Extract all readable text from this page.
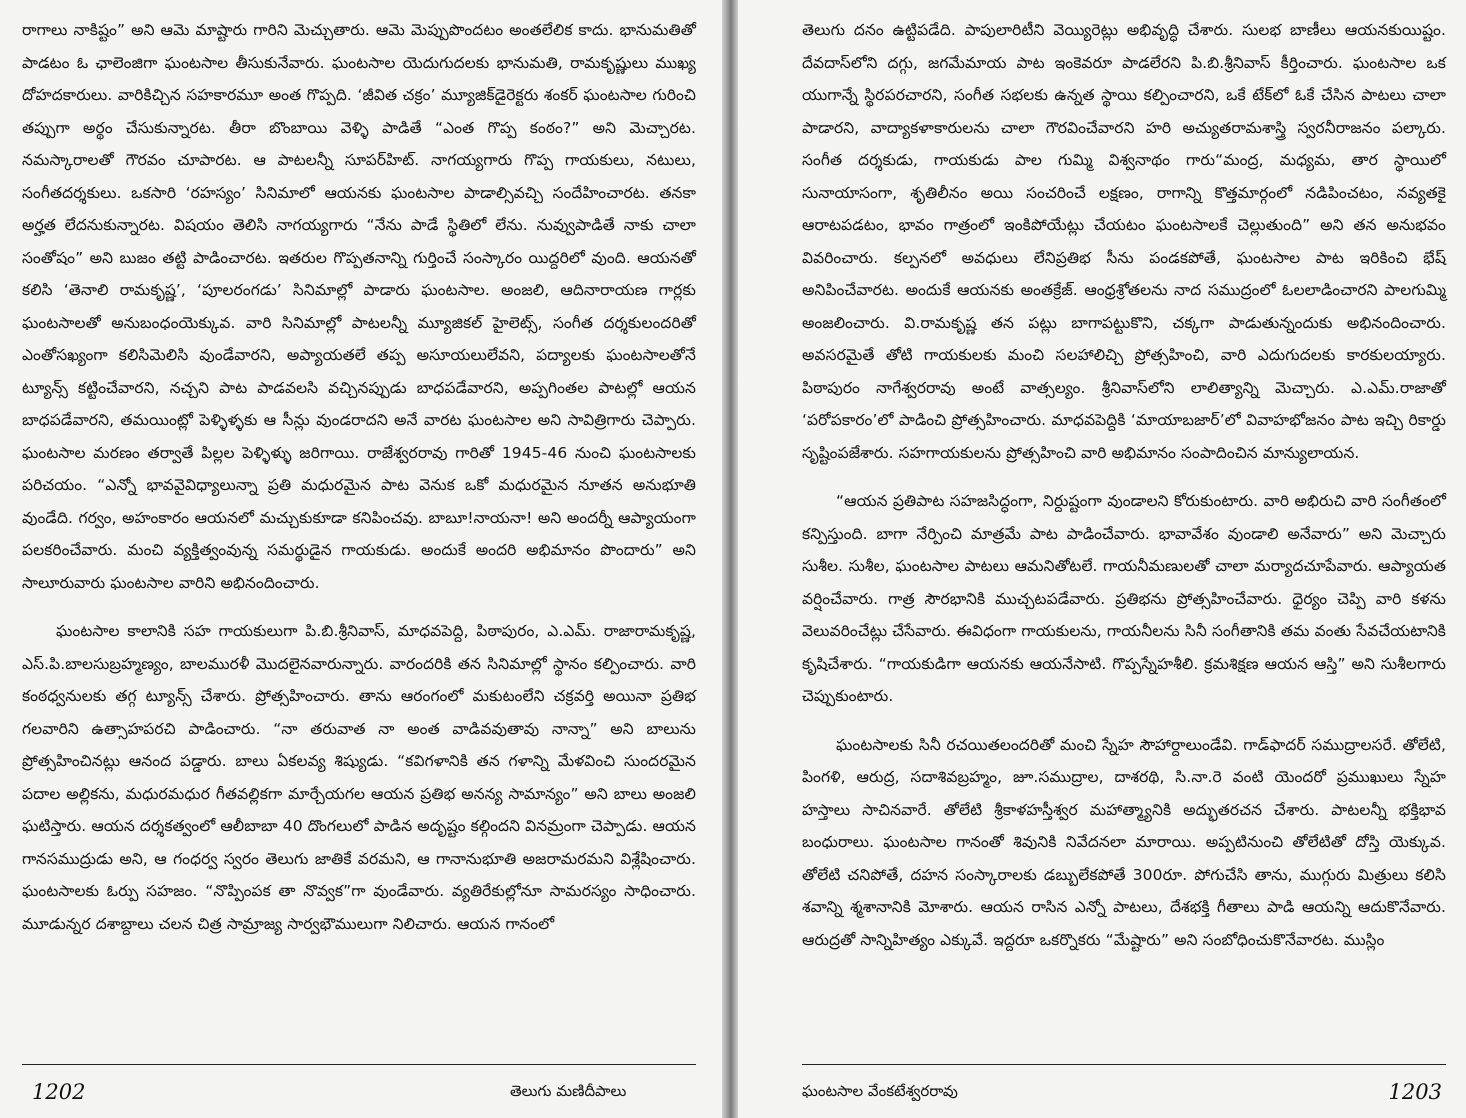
రాగాలు నాకిష్టం” అని ఆమె మాష్టారు గారిని మెచ్చుతారు. ఆమె మెప్పుపొందటం అంతలేలిక కాదు. భానుమతితో పాడటం ఓ ఛాలెంజిగా ఘంటసాల తీసుకునేవారు. ఘంటసాల యెదుగుదలకు భానుమతి, రామకృష్ణులు ముఖ్య దోహదకారులు. వారికిచ్చిన సహకారమూ అంత గొప్పది. ‘జీవిత చక్రం’ మ్యూజిక్‌డైరెక్టరు శంకర్ ఘంటసాల గురించి తప్పుగా అర్థం చేసుకున్నారట. తీరా బొంబాయి వెళ్ళి పాడితే “ఎంత గొప్ప కంఠం?” అని మెచ్చారట. నమస్కారాలతో గౌరవం చూపారట. ఆ పాటలన్నీ సూపర్‌హిట్. నాగయ్యగారు గొప్ప గాయకులు, నటులు, సంగీతదర్శకులు. ఒకసారి ‘రహస్యం’ సినిమాలో ఆయనకు ఘంటసాల పాడాల్సివచ్చి సందేహించారట. తనకా అర్హత లేదనుకున్నారట. విషయం తెలిసి నాగయ్యగారు “నేను పాడే స్థితిలో లేను. నువ్వుపాడితే నాకు చాలా సంతోషం” అని బుజం తట్టి పాడించారట. ఇతరుల గొప్పతనాన్ని గుర్తించే సంస్కారం యిద్దరిలో వుంది. ఆయనతో కలిసి ‘తెనాలి రామకృష్ణ’, ‘పూలరంగడు’ సినిమాల్లో పాడారు ఘంటసాల. అంజలి, ఆదినారాయణ గార్లకు ఘంటసాలతో అనుబంధంయెక్కువ. వారి సినిమాల్లో పాటలన్నీ మ్యూజికల్ హైలెట్స్, సంగీత దర్శకులందరితో ఎంతోసఖ్యంగా కలిసిమెలిసి వుండేవారని, అప్యాయతలే తప్ప అసూయలులేవని, పద్యాలకు ఘంటసాలతోనే ట్యూన్స్ కట్టించేవారని, నచ్చని పాట పాడవలసి వచ్చినప్పుడు బాధపడేవారని, అప్పగింతల పాటల్లో ఆయన బాధపడేవారని, తమయింట్లో పెళ్ళిళ్ళకు ఆ సీన్లు వుండరాదని అనే వారట ఘంటసాల అని సావిత్రిగారు చెప్పారు. ఘంటసాల మరణం తర్వాతే పిల్లల పెళ్ళిళ్ళు జరిగాయి. రాజేశ్వరరావు గారితో 1945-46 నుంచి ఘంటసాలకు పరిచయం. “ఎన్నో భావవైవిధ్యాలున్నా ప్రతి మధురమైన పాట వెనుక ఒకో మధురమైన నూతన అనుభూతి వుండేది. గర్వం, అహంకారం ఆయనలో మచ్చుకుకూడా కనిపించవు. బాబూ!నాయనా! అని అందర్నీ ఆప్యాయంగా పలకరించేవారు. మంచి వ్యక్తిత్వంవున్న సమర్థుడైన గాయకుడు. అందుకే అందరి అభిమానం పొందారు” అని సాలూరువారు ఘంటసాల వారిని అభినందించారు.

ఘంటసాల కాలానికి సహ గాయకులుగా పి.బి.శ్రీనివాస్, మాధవపెద్ది, పిఠాపురం, ఎ.ఎమ్. రాజారామకృష్ణ, ఎస్.పి.బాలసుబ్రహ్మణ్యం, బాలమురళీ మొదలైనవారున్నారు. వారందరికి తన సినిమాల్లో స్థానం కల్పించారు. వారి కంఠధ్వనులకు తగ్గ ట్యూన్స్ చేశారు. ప్రోత్సహించారు. తాను ఆరంగంలో మకుటంలేని చక్రవర్తి అయినా ప్రతిభ గలవారిని ఉత్సాహపరచి పాడించారు. “నా తరువాత నా అంత వాడివవుతావు నాన్నా” అని బాలును ప్రోత్సహించినట్లు ఆనంద పడ్డారు. బాలు ఏకలవ్య శిష్యుడు. “కవిగళానికి తన గళాన్ని మేళవించి సుందరమైన పదాల అల్లికను, మధురమధుర గీతవల్లికగా మార్చేయగల ఆయన ప్రతిభ అనన్య సామాన్యం” అని బాలు అంజలి ఘటిస్తారు. ఆయన దర్శకత్వంలో ఆలీబాబా 40 దొంగలులో పాడిన అదృష్టం కల్గిందని వినమ్రంగా చెప్పాడు. ఆయన గానసముద్రుడు అని, ఆ గంధర్వ స్వరం తెలుగు జాతికే వరమని, ఆ గానానుభూతి అజరామరమని విశ్లేషించారు. ఘంటసాలకు ఓర్పు సహజం. “నొప్పింపక తా నొవ్వక”గా వుండేవారు. వ్యతిరేకుల్లోనూ సామరస్యం సాధించారు. మూడున్నర దశాబ్దాలు చలన చిత్ర సామ్రాజ్య సార్వభౌములుగా నిలిచారు. ఆయన గానంలో

1202	తెలుగు మణిదీపాలు

తెలుగు దనం ఉట్టిపడేది. పాపులారిటీని వెయ్యిరెట్లు అభివృద్ధి చేశారు. సులభ బాణీలు ఆయనకుయిష్టం. దేవదాస్‌లోని దగ్గు, జగమేమాయ పాట ఇంకెవరూ పాడలేరని పి.బి.శ్రీనివాస్ కీర్తించారు. ఘంటసాల ఒక యుగాన్నే స్థిరపరచారని, సంగీత సభలకు ఉన్నత స్థాయి కల్పించారని, ఒకే టేక్‌లో ఓకే చేసిన పాటలు చాలా పాడారని, వాద్యాకళాకారులను చాలా గౌరవించేవారని హరి అచ్యుతరామశాస్త్రి స్వరనీరాజనం పల్కారు. సంగీత దర్శకుడు, గాయకుడు పాల గుమ్మి విశ్వనాథం గారు“మంద్ర, మధ్యమ, తార స్థాయిలో సునాయాసంగా, శృతిలీనం అయి సంచరించే లక్షణం, రాగాన్ని కొత్తమార్గంలో నడిపించటం, నవ్యతకై ఆరాటపడటం, భావం గాత్రంలో ఇంకిపోయేట్లు చేయటం ఘంటసాలకే చెల్లుతుంది” అని తన అనుభవం వివరించారు. కల్పనలో అవధులు లేనిప్రతిభ సీను పండకపోతే, ఘంటసాల పాట ఇరికించి భేష్ అనిపించేవారట. అందుకే ఆయనకు అంతక్రేజ్. ఆంధ్రశ్రోతలను నాద సముద్రంలో ఓలలాడించారని పాలగుమ్మి అంజలించారు. వి.రామకృష్ణ తన పట్లు బాగాపట్టుకొని, చక్కగా పాడుతున్నందుకు అభినందించారు. అవసరమైతే తోటి గాయకులకు మంచి సలహాలిచ్చి ప్రోత్సహించి, వారి ఎదుగుదలకు కారకులయ్యారు. పిఠాపురం నాగేశ్వరరావు అంటే వాత్సల్యం. శ్రీనివాస్‌లోని లాలిత్యాన్ని మెచ్చారు. ఎ.ఎమ్.రాజాతో ‘పరోపకారం’లో పాడించి ప్రోత్సహించారు. మాధవపెద్దికి ‘మాయాబజార్’లో వివాహభోజనం పాట ఇచ్చి రికార్డు సృష్టింపజేశారు. సహగాయకులను ప్రోత్సహించి వారి అభిమానం సంపాదించిన మాన్యులాయన.

“ఆయన ప్రతిపాట సహజసిద్ధంగా, నిర్దుష్టంగా వుండాలని కోరుకుంటారు. వారి అభిరుచి వారి సంగీతంలో కన్పిస్తుంది. బాగా నేర్పించి మాత్రమే పాట పాడించేవారు. భావావేశం వుండాలి అనేవారు” అని మెచ్చారు సుశీల. సుశీల, ఘంటసాల పాటలు ఆమనితోటలే. గాయనీమణులతో చాలా మర్యాదచూపేవారు. ఆప్యాయత వర్షించేవారు. గాత్ర సౌరభానికి ముచ్చటపడేవారు. ప్రతిభను ప్రోత్సహించేవారు. ధైర్యం చెప్పి వారి కళను వెలువరించేట్లు చేసేవారు. ఈవిధంగా గాయకులను, గాయనీలను సినీ సంగీతానికి తమ వంతు సేవచేయటానికి కృషిచేశారు. “గాయకుడిగా ఆయనకు ఆయనేసాటి. గొప్పస్నేహశీలి. క్రమశిక్షణ ఆయన ఆస్తి” అని సుశీలగారు చెప్పుకుంటారు.

ఘంటసాలకు సినీ రచయితలందరితో మంచి స్నేహ సౌహార్దాలుండేవి. గాడ్‌ఫాదర్ సముద్రాలసరే. తోలేటి, పింగళి, ఆరుద్ర, సదాశివబ్రహ్మం, జూ.సముద్రాల, దాశరథి, సి.నా.రె వంటి యెందరో ప్రముఖులు స్నేహ హస్తాలు సాచినవారే. తోలేటి శ్రీకాళహస్తీశ్వర మహాత్మ్యానికి అద్భుతరచన చేశారు. పాటలన్నీ భక్తిభావ బంధురాలు. ఘంటసాల గానంతో శివునికి నివేదనలా మారాయి. అప్పటినుంచి తోలేటితో దోస్తి యెక్కువ. తోలేటి చనిపోతే, దహన సంస్కారాలకు డబ్బులేకపోతే 300రూ. పోగుచేసి తాను, ముగ్గురు మిత్రులు కలిసి శవాన్ని శ్మశానానికి మోశారు. ఆయన రాసిన ఎన్నో పాటలు, దేశభక్తి గీతాలు పాడి ఆయన్ని ఆదుకొనేవారు. ఆరుద్రతో సాన్నిహిత్యం ఎక్కువే. ఇద్దరూ ఒకర్నొకరు “మేష్టారు” అని సంబోధించుకొనేవారట. ముస్లిం

ఘంటసాల వేంకటేశ్వరరావు	1203
